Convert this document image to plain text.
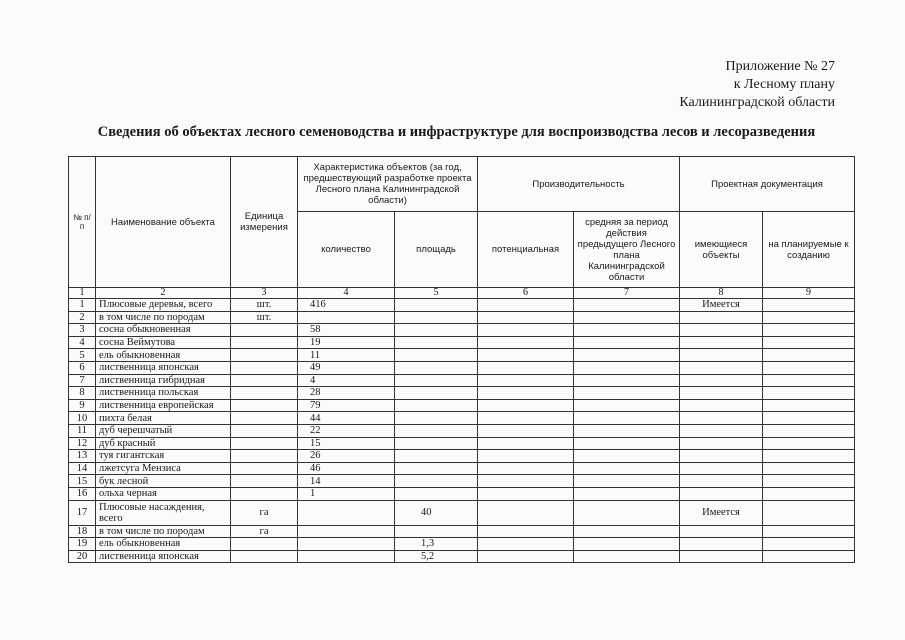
Приложение № 27
к Лесному плану
Калининградской области
Сведения об объектах лесного семеноводства и инфраструктуре для воспроизводства лесов и лесоразведения
№ п/п	Наименование объекта	Единица измерения	Характеристика объектов (за год, предшествующий разработке проекта Лесного плана Калининградской области)		Производительность		Проектная документация	
			количество	площадь	потенциальная	средняя за период действия предыдущего Лесного плана Калининградской области	имеющиеся объекты	на планируемые к созданию
1	2	3	4	5	6	7	8	9
1	Плюсовые деревья, всего	шт.	416				Имеется	
2	в том числе по породам	шт.						
3	сосна обыкновенная		58					
4	сосна Веймутова		19					
5	ель обыкновенная		11					
6	лиственница японская		49					
7	лиственница гибридная		4					
8	лиственница польская		28					
9	лиственница европейская		79					
10	пихта белая		44					
11	дуб черешчатый		22					
12	дуб красный		15					
13	туя гигантская		26					
14	лжетсуга Мензиса		46					
15	бук лесной		14					
16	ольха черная		1					
17	Плюсовые насаждения, всего	га		40			Имеется	
18	в том числе по породам	га						
19	ель обыкновенная			1,3				
20	лиственница японская			5,2				
